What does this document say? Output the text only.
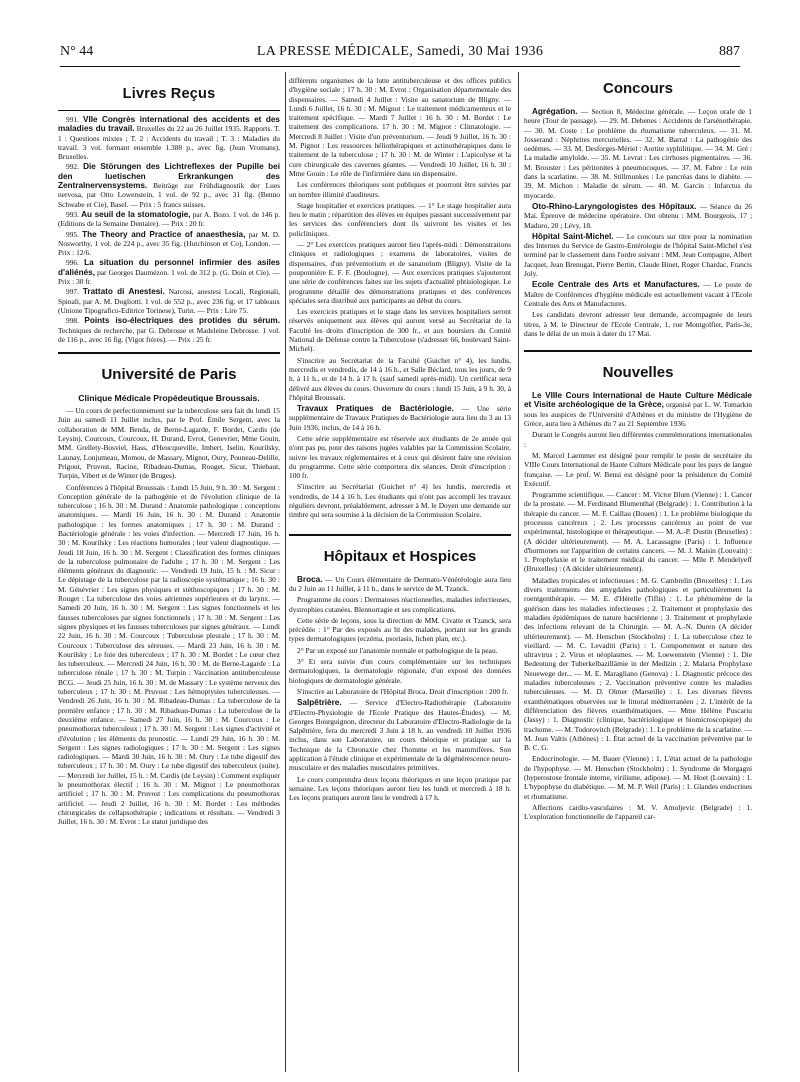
N° 44	LA PRESSE MÉDICALE, Samedi, 30 Mai 1936	887
Livres Reçus

991. VIIe Congrès international des accidents et des maladies du travail. Bruxelles du 22 au 26 Juillet 1935. Rapports. T. 1 : Questions mixtes ; T. 2 : Accidents du travail ; T. 3 : Maladies du travail. 3 vol. formant ensemble 1.388 p., avec fig. (Jean Vromans), Bruxelles.

992. Die Störungen des Lichtreflexes der Pupille bei den luetischen Erkrankungen des Zentralnervensystems. Beiträge zur Frühdiagnostik der Lues nervosa, par Otto Lowenstein, 1 vol. de 92 p., avec 31 fig. (Benno Schwabe et Cie), Basel. — Prix : 5 francs suisses.

993. Au seuil de la stomatologie, par A. Bozo. 1 vol. de 146 p. (Editions de la Semaine Dentaire). — Prix : 20 fr.

995. The Theory and Practice of anaesthesia, par M. D. Nosworthy, 1 vol. de 224 p., avec 35 fig. (Hutchinson et Co), London. — Prix : 12/6.

996. La situation du personnel infirmier des asiles d'aliénés, par Georges Daumézon. 1 vol. de 312 p. (G. Doin et Cie). — Prix : 30 fr.

997. Trattato di Anestesi. Narcosi, anestesi Locali, Regionali, Spinali, par A. M. Dogliotti. 1 vol. de 552 p., avec 236 fig. et 17 tableaux (Unione Tipografico-Editrice Torinese), Turin. — Prix : Lire 75.

998. Points iso-électriques des protides du sérum. Techniques de recherche, par G. Debrosse et Madeleine Debrosse. 1 vol. de 116 p., avec 16 fig. (Vigot frères). — Prix : 25 fr.

Université de Paris
Clinique Médicale Propédeutique Broussais.

— Un cours de perfectionnement sur la tuberculose sera fait du lundi 15 Juin au samedi 11 Juillet inclus, par le Prof. Émile Sergent, avec la collaboration de MM. Benda, de Berne-Lagarde, F. Bordet, Cardis (de Leysin), Courcoux, Courcoux, H. Durand, Evrot, Genevrier, Mme Gouin, MM. Grellety-Bosviel, Hass, d'Heucqueville, Imbert, Iselin, Kourilsky, Launay, Lonjumeau, Momou, de Massary, Mignot, Oury, Pouneau-Delille, Prigout, Pruvost, Racine, Ribadeau-Dumas, Rouget, Sicur, Thiebaut, Turpin, Vibert et de Winter (de Bruges).

Conférences à l'hôpital Broussais : Lundi 15 Juin, 9 h. 30 : M. Sergent : Conception générale de la pathogénie et de l'évolution clinique de la tuberculose ; 16 h. 30 : M. Durand : Anatomie pathologique : conceptions anatomiques. — Mardi 16 Juin, 16 h. 30 : M. Durand : Anatomie pathologique : les formes anatomiques ; 17 h. 30 : M. Durand : Bactériologie générale : les voies d'infection. — Mercredi 17 Juin, 16 h. 30 : M. Kourilsky : Les réactions humorales ; leur valeur diagnostique. — Jeudi 18 Juin, 16 h. 30 : M. Sergent : Classification des formes cliniques de la tuberculose pulmonaire de l'adulte ; 17 h. 30 : M. Sergent : Les éléments généraux du diagnostic. — Vendredi 19 Juin, 15 h. : M. Sicur : Le dépistage de la tuberculose par la radioscopie systématique ; 16 h. 30 : M. Génévrier : Les signes physiques et stéthoscopiques ; 17 h. 30 : M. Rouget : La tuberculose des voies aériennes supérieures et du larynx. — Samedi 20 Juin, 16 h. 30 : M. Sergent : Les signes fonctionnels et les fausses tuberculoses par signes fonctionnels ; 17 h. 30 : M. Sergent : Les signes physiques et les fausses tuberculoses par signes généraux. — Lundi 22 Juin, 16 h. 30 : M. Courcoux : Tuberculose pleurale ; 17 h. 30 : M. Courcoux : Tuberculose des séreuses. — Mardi 23 Juin, 16 h. 30 : M. Kourilsky : Le foie des tuberculeux ; 17 h. 30 : M. Bordet : Le cœur chez les tuberculeux. — Mercredi 24 Juin, 16 h. 30 : M. de Berne-Lagarde : La tuberculose rénale ; 17 h. 30 : M. Turpin : Vaccination antituberculeuse BCG. — Jeudi 25 Juin, 16 h. 30 : M. de Massary : Le système nerveux des tuberculeux ; 17 h. 30 : M. Pruvost : Les hémoptysies tuberculeuses. — Vendredi 26 Juin, 16 h. 30 : M. Ribadeau-Dumas : La tuberculose de la première enfance ; 17 h. 30 : M. Ribadeau-Dumas : La tuberculose de la deuxième enfance. — Samedi 27 Juin, 16 h. 30 : M. Courcoux : Le pneumothorax tuberculeux ; 17 h. 30 : M. Sergent : Les signes d'activité et d'évolution ; les éléments du pronostic. — Lundi 29 Juin, 16 h. 30 : M. Sergent : Les signes radiologiques ; 17 h. 30 : M. Sergent : Les signes radiologiques. — Mardi 30 Juin, 16 h. 30 : M. Oury : Le tube digestif des tuberculeux ; 17 h. 30 : M. Oury : Le tube digestif des tuberculeux (suite). — Mercredi 1er Juillet, 15 h. : M. Cardis (de Leysin) : Comment expliquer le pneumothorax électif ; 16 h. 30 : M. Mignot : Le pneumothorax artificiel ; 17 h. 30 : M. Pruvost : Les complications du pneumothorax artificiel. — Jeudi 2 Juillet, 16 h. 30 : M. Bordet : Les méthodes chirurgicales de collapsothérapie ; indications et résultats. — Vendredi 3 Juillet, 16 h. 30 : M. Evrot : Le statut juridique des

différents organismes de la lutte antituberculeuse et des offices publics d'hygiène sociale ; 17 h. 30 : M. Evrot : Organisation départementale des dispensaires. — Samedi 4 Juillet : Visite au sanatorium de Bligny. — Lundi 6 Juillet, 16 h. 30 : M. Mignot : Le traitement médicamenteux et le traitement spécifique. — Mardi 7 Juillet : 16 h. 30 : M. Bordet : Le traitement des complications. 17 h. 30 : M. Mignot : Climatologie. — Mercredi 8 Juillet : Visite d'un préventorium. — Jeudi 9 Juillet, 16 h. 30 : M. Pignot : Les ressources héliothérapiques et actinothérapiques dans le traitement de la tuberculose ; 17 h. 30 : M. de Winter : L'apicolyse et la cure chirurgicale des cavernes géantes. — Vendredi 10 Juillet, 16 h. 30 : Mme Gouin : Le rôle de l'infirmière dans un dispensaire.

Les conférences théoriques sont publiques et pourront être suivies par un nombre illimité d'auditeurs.

Stage hospitalier et exercices pratiques. — 1° Le stage hospitalier aura lieu le matin ; répartition des élèves en équipes passant successivement par les services des conférenciers dont ils suivront les visites et les policliniques.

— 2° Les exercices pratiques auront lieu l'après-midi : Démonstrations cliniques et radiologiques ; examens de laboratoires, visites de dispensaires, d'un préventorium et de sanatorium (Bligny). Visite de la pouponnière E. F. F. (Boulogne). — Aux exercices pratiques s'ajouteront une série de conférences faites sur les sujets d'actualité phtisiologique. Le programme détaillé des démonstrations pratiques et des conférences spéciales sera distribué aux participants au début du cours.

Les exercices pratiques et le stage dans les services hospitaliers seront réservés uniquement aux élèves qui auront versé au Secrétariat de la Faculté les droits d'inscription de 300 fr., et aux boursiers du Comité National de Défense contre la Tuberculose (s'adresser 66, boulevard Saint-Michel).

S'inscrire au Secrétariat de la Faculté (Guichet n° 4), les lundis, mercredis et vendredis, de 14 à 16 h., et Salle Béclard, tous les jours, de 9 h. à 11 h., et de 14 h. à 17 h. (sauf samedi après-midi). Un certificat sera délivré aux élèves du cours. Ouverture du cours : lundi 15 Juin, à 9 h. 30, à l'hôpital Broussais.

Travaux Pratiques de Bactériologie. — Une série supplémentaire de Travaux Pratiques de Bactériologie aura lieu du 3 au 13 Juin 1936, inclus, de 14 à 16 h.

Cette série supplémentaire est réservée aux étudiants de 2e année qui n'ont pas pu, pour des raisons jugées valables par la Commission Scolaire, suivre les travaux réglementaires et à ceux qui désirent faire une révision du programme. Cette série comportera dix séances. Droit d'inscription : 100 fr.

S'inscrire au Secrétariat (Guichet n° 4) les lundis, mercredis et vendredis, de 14 à 16 h. Les étudiants qui n'ont pas accompli les travaux réguliers devront, préalablement, adresser à M. le Doyen une demande sur timbre qui sera soumise à la décision de la Commission Scolaire.

Hôpitaux et Hospices

Broca. — Un Cours élémentaire de Dermato-Vénéréologie aura lieu du 2 Juin au 11 Juillet, à 11 h., dans le service de M. Tzanck.

Programme du cours : Dermatoses réactionnelles, maladies infectieuses, dystrophies cutanées. Blennorragie et ses complications.

Cette série de leçons, sous la direction de MM. Civatte et Tzanck, sera précédée : 1° Par des exposés au lit des malades, portant sur les grands types dermatologiques (eczéma, psoriasis, lichen plan, etc.).

2° Par un exposé sur l'anatomie normale et pathologique de la peau.

3° Et sera suivie d'un cours complémentaire sur les techniques dermatologiques, la dermatologie régionale, d'un exposé des données biologiques de dermatologie générale.

S'inscrire au Laboratoire de l'Hôpital Broca. Droit d'inscription : 200 fr.

Salpêtrière. — Service d'Electro-Radiothérapie (Laboratoire d'Electro-Physiologie de l'Ecole Pratique des Hautes-Études). — M. Georges Bourguignon, directeur du Laboratoire d'Electro-Radiologie de la Salpêtrière, fera du mercredi 3 Juin à 18 h. au vendredi 10 Juillet 1936 inclus, dans son Laboratoire, un cours théorique et pratique sur la Technique de la Chronaxie chez l'homme et les mammifères. Son application à l'étude clinique et expérimentale de la dégénérescence neuro-musculaire et des maladies musculaires primitives.

Le cours comprendra deux leçons théoriques et une leçon pratique par semaine. Les leçons théoriques auront lieu les lundi et mercredi à 18 h. Les leçons pratiques auront lieu le vendredi à 17 h.

Concours

Agrégation. — Section 8, Médecine générale. — Leçon orale de 1 heure (Tour de passage). — 29. M. Debenes : Accidents de l'arsénothérapie. — 30. M. Coste : Le problème du rhumatisme tuberculeux. — 31. M. Josserand : Néphrites mercurielles. — 32. M. Barral : La pathogénie des oedèmes. — 33. M. Desforges-Mériel : Aortite syphilitique. — 34. M. Gré : La maladie amyloïde. — 35. M. Levrat : Les cirrhoses pigmentaires. — 36. M. Brouster : Les péritonites à pneumocoques. — 37. M. Fabre : Le rein dans la scarlatine. — 38. M. Stillmunkes : Le pancréas dans le diabète. — 39. M. Michon : Maladie de sérum. — 40. M. Garcin : Infarctus du myocarde.

Oto-Rhino-Laryngologistes des Hôpitaux. — Séance du 26 Mai. Épreuve de médecine opératoire. Ont obtenu : MM. Bourgeois, 17 ; Maduro, 20 ; Lévy, 18.

Hôpital Saint-Michel. — Le concours sur titre pour la nomination des Internes du Service de Gastro-Entérologie de l'hôpital Saint-Michel s'est terminé par le classement dans l'ordre suivant : MM. Jean Compagne, Albert Jacquet, Jean Brenugat, Pierre Bertin, Claude Binet, Roger Chardac, Francis Joly.

Ecole Centrale des Arts et Manufactures. — Le poste de Maître de Conférences d'hygiène médicale est actuellement vacant à l'Ecole Centrale des Arts et Manufactures.

Les candidats devront adresser leur demande, accompagnée de leurs titres, à M. le Directeur de l'Ecole Centrale, 1, rue Montgolfier, Paris-3e, dans le délai de un mois à dater du 17 Mai.

Nouvelles

Le VIIIe Cours International de Haute Culture Médicale et Visite archéologique de la Grèce, organisé par L. W. Tomarkin sous les auspices de l'Université d'Athènes et du ministre de l'Hygiène de Grèce, aura lieu à Athènes du 7 au 21 Septembre 1936.

Durant le Congrès auront lieu différentes commémorations internationales :

M. Marcel Laemmer est désigné pour remplir le poste de secrétaire du VIIIe Cours International de Haute Culture Médicale pour les pays de langue française. — Le prof. W. Bensi est désigné pour la présidence du Comité Exécutif.

Programme scientifique. — Cancer : M. Victor Blum (Vienne) : 1. Cancer de la prostate. — M. Ferdinand Blumenthal (Belgrade) : 1. Contribution à la thérapie du cancer. — M. F. Caillau (Bouen) : 1. Le problème biologique du processus cancéreux ; 2. Les processus cancéreux au point de vue expérimental, histologique et thérapeutique. — M. A.-P. Dustin (Bruxelles) : (A décider ultérieurement). — M. A. Lacassagne (Paris) : 1. Influence d'hormones sur l'apparition de certains cancers. — M. J. Maisin (Louvain) : 1. Prophylaxie et le traitement médical du cancer. — Mlle P. Mendelyeff (Bruxelles) : (A décider ultérieurement).

Maladies tropicales et infectieuses : M. G. Cambrelin (Bruxelles) : 1. Les divers traitements des amygdales pathologiques et particulièrement la roentgenthérapie. — M. E. d'Hérelle (Tiflis) : 1. Le phénomène de la guérison dans les maladies infectieuses ; 2. Traitement et prophylaxie des maladies épidémiques de nature bactérienne ; 3. Traitement et prophylaxie des infections relevant de la Chirurgie. — M. A.-N. Duren (A décider ultérieurement). — M. Henschen (Stockholm) : 1. La tuberculose chez le vieillard. — M. C. Levaditi (Paris) : 1. Comportement et nature des ultravirus ; 2. Virus et néoplasmes. — M. Loewenstein (Vienne) : 1. Die Bedeutung der Tuberkelbazillämie in der Medizin ; 2. Malaria Prophylaxe Neuewege der... — M. E. Maragliano (Genova) : 1. Diagnostic précoce des maladies tuberculeuses ; 2. Vaccination préventive contre les maladies tuberculeuses. — M. D. Olmer (Marseille) : 1. Les diverses fièvres exanthématiques observées sur le littoral méditerranéen ; 2. L'intérêt de la différenciation des fièvres exanthématiques. — Mme Hélène Puscariu (Jassy) : 1. Diagnostic (clinique, bactériologique et biomicroscopique) du trachome. — M. Todorovitch (Belgrade) : 1. Le problème de la scarlatine. — M. Jean Valtis (Athènes) : 1. État actuel de la vaccination préventive par le B. C. G.

Endocrinologie. — M. Bauer (Vienne) : 1. L'état actuel de la pathologie de l'hypophyse. — M. Henschen (Stockholm) : 1. Syndrome de Morgagni (hyperostose frontale interne, virilisme, adipose). — M. Hoet (Louvain) : 1. L'hypophyse du diabétique. — M. M. P. Weil (Paris) : 1. Glandes endocrines et rhumatisme.

Affections cardio-vasculaires : M. V. Arnoljevic (Belgrade) : 1. L'exploration fonctionnelle de l'appareil car-
